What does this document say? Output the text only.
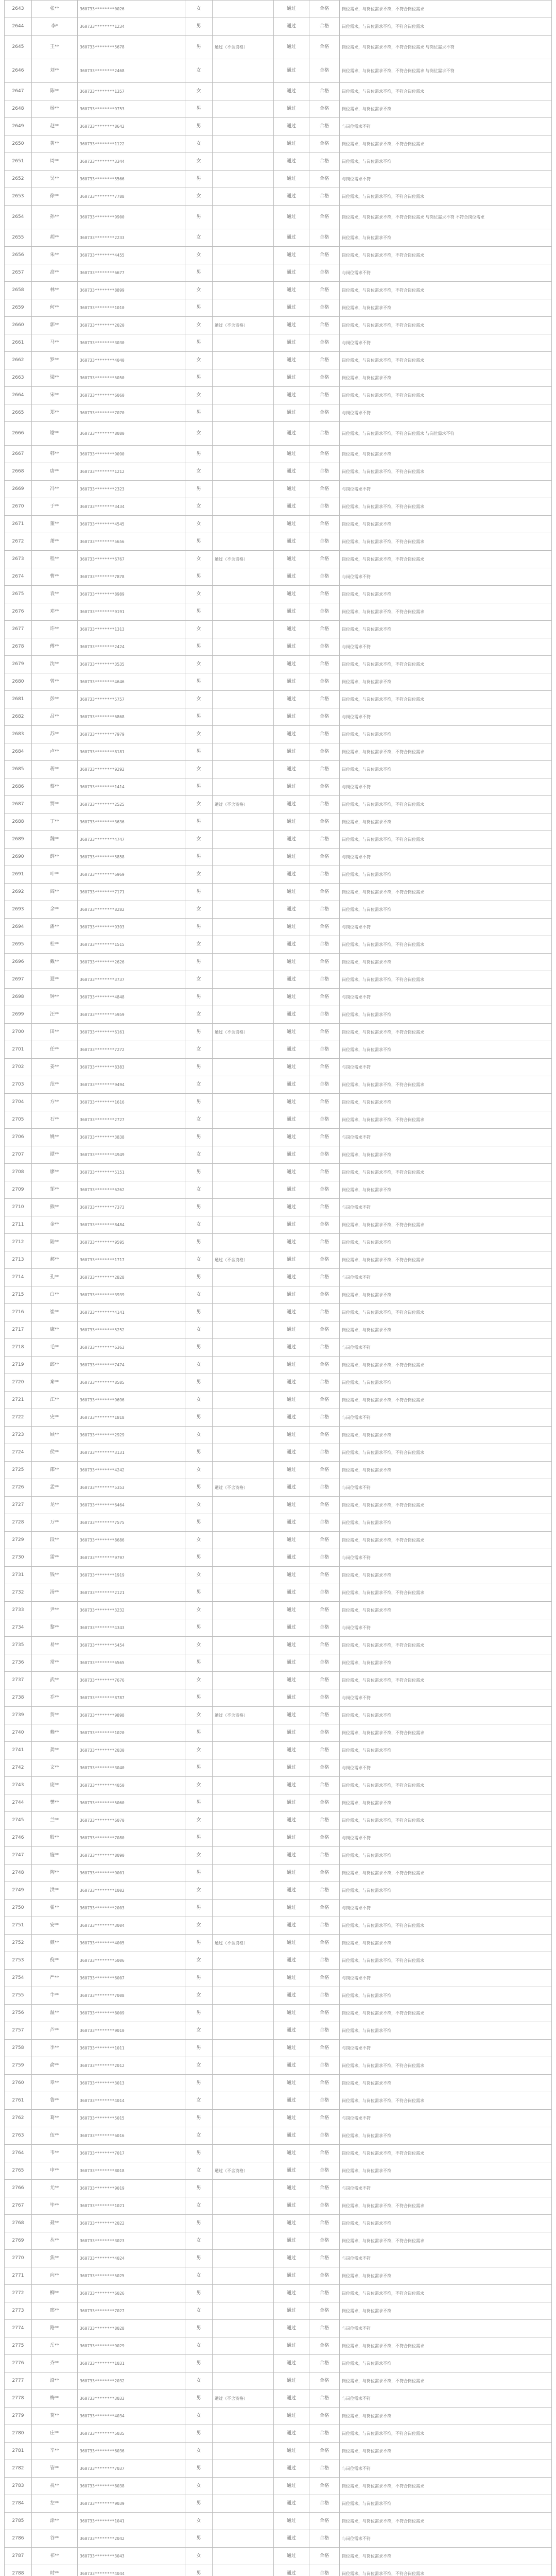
2643	张**	360733********0026	女		通过	合格	岗位需求，与岗位需求不符，不符合岗位需求
2644	李*	360733********1234	男		通过	合格	岗位需求，与岗位需求不符，不符合岗位需求
2645	王**	360733********5678	男	通过（不含资格）	通过	合格	岗位需求，与岗位需求不符，不符合岗位需求 与岗位需求不符
2646	刘**	360733********2468	女		通过	合格	岗位需求，与岗位需求不符，不符合岗位需求 与岗位需求不符
2647	陈**	360733********1357	女		通过	合格	岗位需求，与岗位需求不符，不符合岗位需求
2648	杨**	360733********9753	男		通过	合格	岗位需求，与岗位需求不符
2649	赵**	360733********8642	男		通过	合格	与岗位需求不符
2650	黄**	360733********1122	女		通过	合格	岗位需求，与岗位需求不符，不符合岗位需求
2651	周**	360733********3344	女		通过	合格	岗位需求，与岗位需求不符
2652	吴**	360733********5566	男		通过	合格	与岗位需求不符
2653	徐**	360733********7788	女		通过	合格	岗位需求，与岗位需求不符，不符合岗位需求
2654	孙**	360733********9900	男		通过	合格	岗位需求，与岗位需求不符，不符合岗位需求 与岗位需求不符 不符合岗位需求
2655	胡**	360733********2233	女		通过	合格	岗位需求，与岗位需求不符
2656	朱**	360733********4455	女		通过	合格	岗位需求，与岗位需求不符，不符合岗位需求
2657	高**	360733********6677	男		通过	合格	与岗位需求不符
2658	林**	360733********8899	女		通过	合格	岗位需求，与岗位需求不符，不符合岗位需求
2659	何**	360733********1010	男		通过	合格	岗位需求，与岗位需求不符
2660	郭**	360733********2020	女	通过（不含资格）	通过	合格	岗位需求，与岗位需求不符，不符合岗位需求
2661	马**	360733********3030	男		通过	合格	与岗位需求不符
2662	罗**	360733********4040	女		通过	合格	岗位需求，与岗位需求不符，不符合岗位需求
2663	梁**	360733********5050	男		通过	合格	岗位需求，与岗位需求不符
2664	宋**	360733********6060	女		通过	合格	岗位需求，与岗位需求不符，不符合岗位需求
2665	郑**	360733********7070	男		通过	合格	与岗位需求不符
2666	谢**	360733********8080	女		通过	合格	岗位需求，与岗位需求不符，不符合岗位需求 与岗位需求不符
2667	韩**	360733********9090	男		通过	合格	岗位需求，与岗位需求不符
2668	唐**	360733********1212	女		通过	合格	岗位需求，与岗位需求不符，不符合岗位需求
2669	冯**	360733********2323	男		通过	合格	与岗位需求不符
2670	于**	360733********3434	女		通过	合格	岗位需求，与岗位需求不符，不符合岗位需求
2671	董**	360733********4545	女		通过	合格	岗位需求，与岗位需求不符
2672	萧**	360733********5656	男		通过	合格	岗位需求，与岗位需求不符，不符合岗位需求
2673	程**	360733********6767	女	通过（不含资格）	通过	合格	岗位需求，与岗位需求不符，不符合岗位需求
2674	曹**	360733********7878	男		通过	合格	与岗位需求不符
2675	袁**	360733********8989	女		通过	合格	岗位需求，与岗位需求不符
2676	邓**	360733********9191	男		通过	合格	岗位需求，与岗位需求不符，不符合岗位需求
2677	许**	360733********1313	女		通过	合格	岗位需求，与岗位需求不符
2678	傅**	360733********2424	男		通过	合格	与岗位需求不符
2679	沈**	360733********3535	女		通过	合格	岗位需求，与岗位需求不符，不符合岗位需求
2680	曾**	360733********4646	男		通过	合格	岗位需求，与岗位需求不符
2681	彭**	360733********5757	女		通过	合格	岗位需求，与岗位需求不符，不符合岗位需求
2682	吕**	360733********6868	男		通过	合格	与岗位需求不符
2683	苏**	360733********7979	女		通过	合格	岗位需求，与岗位需求不符
2684	卢**	360733********8181	男		通过	合格	岗位需求，与岗位需求不符，不符合岗位需求
2685	蒋**	360733********9292	女		通过	合格	岗位需求，与岗位需求不符
2686	蔡**	360733********1414	男		通过	合格	与岗位需求不符
2687	贾**	360733********2525	女	通过（不含资格）	通过	合格	岗位需求，与岗位需求不符，不符合岗位需求
2688	丁**	360733********3636	男		通过	合格	岗位需求，与岗位需求不符
2689	魏**	360733********4747	女		通过	合格	岗位需求，与岗位需求不符，不符合岗位需求
2690	薛**	360733********5858	男		通过	合格	与岗位需求不符
2691	叶**	360733********6969	女		通过	合格	岗位需求，与岗位需求不符
2692	阎**	360733********7171	男		通过	合格	岗位需求，与岗位需求不符，不符合岗位需求
2693	余**	360733********8282	女		通过	合格	岗位需求，与岗位需求不符
2694	潘**	360733********9393	男		通过	合格	与岗位需求不符
2695	杜**	360733********1515	女		通过	合格	岗位需求，与岗位需求不符，不符合岗位需求
2696	戴**	360733********2626	男		通过	合格	岗位需求，与岗位需求不符
2697	夏**	360733********3737	女		通过	合格	岗位需求，与岗位需求不符，不符合岗位需求
2698	钟**	360733********4848	男		通过	合格	与岗位需求不符
2699	汪**	360733********5959	女		通过	合格	岗位需求，与岗位需求不符
2700	田**	360733********6161	男	通过（不含资格）	通过	合格	岗位需求，与岗位需求不符，不符合岗位需求
2701	任**	360733********7272	女		通过	合格	岗位需求，与岗位需求不符
2702	姜**	360733********8383	男		通过	合格	与岗位需求不符
2703	范**	360733********9494	女		通过	合格	岗位需求，与岗位需求不符，不符合岗位需求
2704	方**	360733********1616	男		通过	合格	岗位需求，与岗位需求不符
2705	石**	360733********2727	女		通过	合格	岗位需求，与岗位需求不符，不符合岗位需求
2706	姚**	360733********3838	男		通过	合格	与岗位需求不符
2707	谭**	360733********4949	女		通过	合格	岗位需求，与岗位需求不符
2708	廖**	360733********5151	男		通过	合格	岗位需求，与岗位需求不符，不符合岗位需求
2709	邹**	360733********6262	女		通过	合格	岗位需求，与岗位需求不符
2710	熊**	360733********7373	男		通过	合格	与岗位需求不符
2711	金**	360733********8484	女		通过	合格	岗位需求，与岗位需求不符，不符合岗位需求
2712	陆**	360733********9595	男		通过	合格	岗位需求，与岗位需求不符
2713	郝**	360733********1717	女	通过（不含资格）	通过	合格	岗位需求，与岗位需求不符，不符合岗位需求
2714	孔**	360733********2828	男		通过	合格	与岗位需求不符
2715	白**	360733********3939	女		通过	合格	岗位需求，与岗位需求不符
2716	崔**	360733********4141	男		通过	合格	岗位需求，与岗位需求不符，不符合岗位需求
2717	康**	360733********5252	女		通过	合格	岗位需求，与岗位需求不符
2718	毛**	360733********6363	男		通过	合格	与岗位需求不符
2719	邱**	360733********7474	女		通过	合格	岗位需求，与岗位需求不符，不符合岗位需求
2720	秦**	360733********8585	男		通过	合格	岗位需求，与岗位需求不符
2721	江**	360733********9696	女		通过	合格	岗位需求，与岗位需求不符，不符合岗位需求
2722	史**	360733********1818	男		通过	合格	与岗位需求不符
2723	顾**	360733********2929	女		通过	合格	岗位需求，与岗位需求不符
2724	侯**	360733********3131	男		通过	合格	岗位需求，与岗位需求不符，不符合岗位需求
2725	邵**	360733********4242	女		通过	合格	岗位需求，与岗位需求不符
2726	孟**	360733********5353	男	通过（不含资格）	通过	合格	与岗位需求不符
2727	龙**	360733********6464	女		通过	合格	岗位需求，与岗位需求不符，不符合岗位需求
2728	万**	360733********7575	男		通过	合格	岗位需求，与岗位需求不符
2729	段**	360733********8686	女		通过	合格	岗位需求，与岗位需求不符，不符合岗位需求
2730	雷**	360733********9797	男		通过	合格	与岗位需求不符
2731	钱**	360733********1919	女		通过	合格	岗位需求，与岗位需求不符
2732	汤**	360733********2121	男		通过	合格	岗位需求，与岗位需求不符，不符合岗位需求
2733	尹**	360733********3232	女		通过	合格	岗位需求，与岗位需求不符
2734	黎**	360733********4343	男		通过	合格	与岗位需求不符
2735	易**	360733********5454	女		通过	合格	岗位需求，与岗位需求不符，不符合岗位需求
2736	常**	360733********6565	男		通过	合格	岗位需求，与岗位需求不符
2737	武**	360733********7676	女		通过	合格	岗位需求，与岗位需求不符，不符合岗位需求
2738	乔**	360733********8787	男		通过	合格	与岗位需求不符
2739	贺**	360733********9898	女	通过（不含资格）	通过	合格	岗位需求，与岗位需求不符
2740	赖**	360733********1020	男		通过	合格	岗位需求，与岗位需求不符，不符合岗位需求
2741	龚**	360733********2030	女		通过	合格	岗位需求，与岗位需求不符
2742	文**	360733********3040	男		通过	合格	与岗位需求不符
2743	庞**	360733********4050	女		通过	合格	岗位需求，与岗位需求不符，不符合岗位需求
2744	樊**	360733********5060	男		通过	合格	岗位需求，与岗位需求不符
2745	兰**	360733********6070	女		通过	合格	岗位需求，与岗位需求不符，不符合岗位需求
2746	殷**	360733********7080	男		通过	合格	与岗位需求不符
2747	施**	360733********8090	女		通过	合格	岗位需求，与岗位需求不符
2748	陶**	360733********9001	男		通过	合格	岗位需求，与岗位需求不符，不符合岗位需求
2749	洪**	360733********1002	女		通过	合格	岗位需求，与岗位需求不符
2750	翟**	360733********2003	男		通过	合格	与岗位需求不符
2751	安**	360733********3004	女		通过	合格	岗位需求，与岗位需求不符，不符合岗位需求
2752	颜**	360733********4005	男	通过（不含资格）	通过	合格	岗位需求，与岗位需求不符
2753	倪**	360733********5006	女		通过	合格	岗位需求，与岗位需求不符，不符合岗位需求
2754	严**	360733********6007	男		通过	合格	与岗位需求不符
2755	牛**	360733********7008	女		通过	合格	岗位需求，与岗位需求不符
2756	温**	360733********8009	男		通过	合格	岗位需求，与岗位需求不符，不符合岗位需求
2757	芦**	360733********9010	女		通过	合格	岗位需求，与岗位需求不符
2758	季**	360733********1011	男		通过	合格	与岗位需求不符
2759	俞**	360733********2012	女		通过	合格	岗位需求，与岗位需求不符，不符合岗位需求
2760	章**	360733********3013	男		通过	合格	岗位需求，与岗位需求不符
2761	鲁**	360733********4014	女		通过	合格	岗位需求，与岗位需求不符，不符合岗位需求
2762	葛**	360733********5015	男		通过	合格	与岗位需求不符
2763	伍**	360733********6016	女		通过	合格	岗位需求，与岗位需求不符
2764	韦**	360733********7017	男		通过	合格	岗位需求，与岗位需求不符，不符合岗位需求
2765	申**	360733********8018	女	通过（不含资格）	通过	合格	岗位需求，与岗位需求不符
2766	尤**	360733********9019	男		通过	合格	与岗位需求不符
2767	毕**	360733********1021	女		通过	合格	岗位需求，与岗位需求不符，不符合岗位需求
2768	聂**	360733********2022	男		通过	合格	岗位需求，与岗位需求不符
2769	丛**	360733********3023	女		通过	合格	岗位需求，与岗位需求不符，不符合岗位需求
2770	焦**	360733********4024	男		通过	合格	与岗位需求不符
2771	向**	360733********5025	女		通过	合格	岗位需求，与岗位需求不符
2772	柳**	360733********6026	男		通过	合格	岗位需求，与岗位需求不符，不符合岗位需求
2773	邢**	360733********7027	女		通过	合格	岗位需求，与岗位需求不符
2774	路**	360733********8028	男		通过	合格	与岗位需求不符
2775	岳**	360733********9029	女		通过	合格	岗位需求，与岗位需求不符，不符合岗位需求
2776	齐**	360733********1031	男		通过	合格	岗位需求，与岗位需求不符
2777	沿**	360733********2032	女		通过	合格	岗位需求，与岗位需求不符，不符合岗位需求
2778	梅**	360733********3033	男	通过（不含资格）	通过	合格	与岗位需求不符
2779	莫**	360733********4034	女		通过	合格	岗位需求，与岗位需求不符
2780	庄**	360733********5035	男		通过	合格	岗位需求，与岗位需求不符，不符合岗位需求
2781	辛**	360733********6036	女		通过	合格	岗位需求，与岗位需求不符
2782	管**	360733********7037	男		通过	合格	与岗位需求不符
2783	祝**	360733********8038	女		通过	合格	岗位需求，与岗位需求不符，不符合岗位需求
2784	左**	360733********9039	男		通过	合格	岗位需求，与岗位需求不符
2785	涂**	360733********1041	女		通过	合格	岗位需求，与岗位需求不符，不符合岗位需求
2786	谷**	360733********2042	男		通过	合格	与岗位需求不符
2787	祁**	360733********3043	女		通过	合格	岗位需求，与岗位需求不符
2788	时**	360733********4044	男		通过	合格	岗位需求，与岗位需求不符，不符合岗位需求
